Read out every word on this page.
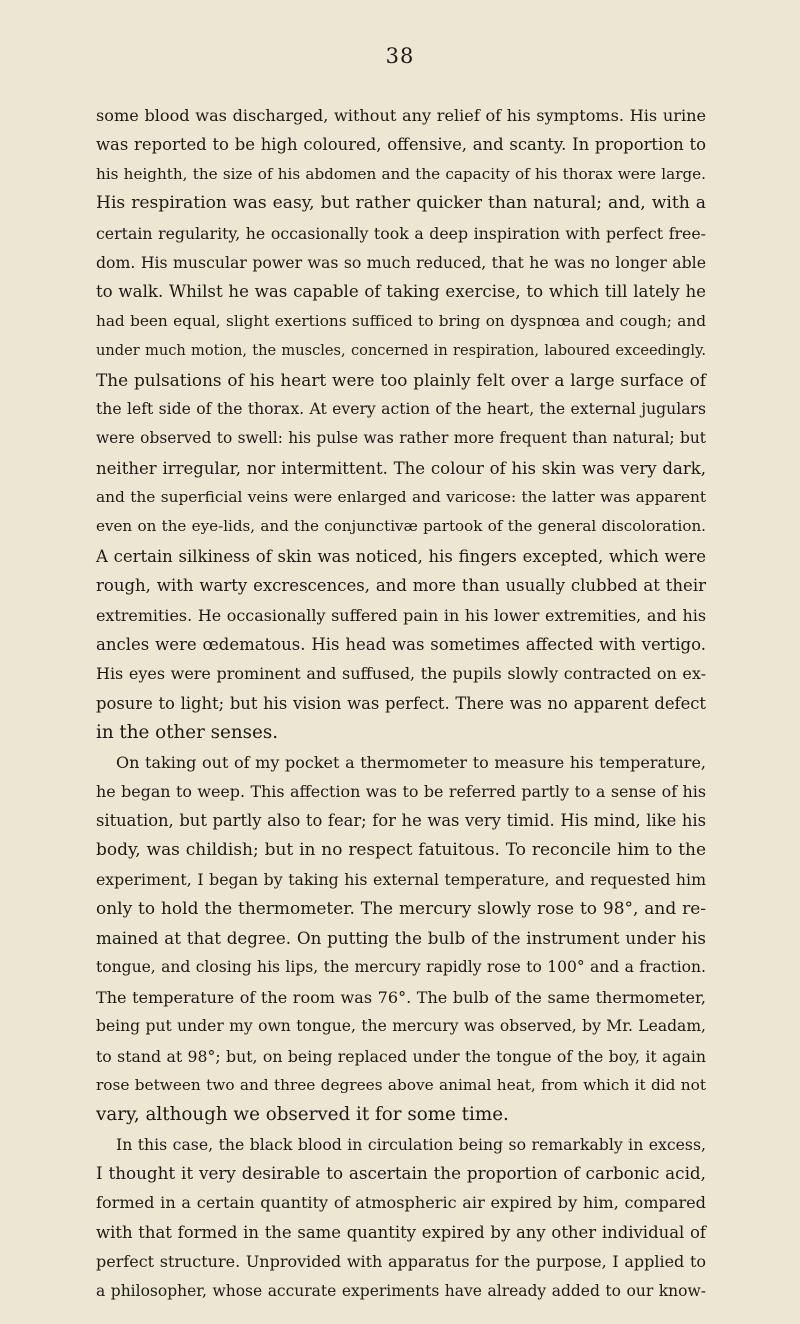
38
some blood was discharged, without any relief of his symptoms. His urine
was reported to be high coloured, offensive, and scanty. In proportion to
his heighth, the size of his abdomen and the capacity of his thorax were large.
His respiration was easy, but rather quicker than natural; and, with a
certain regularity, he occasionally took a deep inspiration with perfect free-
dom. His muscular power was so much reduced, that he was no longer able
to walk. Whilst he was capable of taking exercise, to which till lately he
had been equal, slight exertions sufficed to bring on dyspnœa and cough; and
under much motion, the muscles, concerned in respiration, laboured exceedingly.
The pulsations of his heart were too plainly felt over a large surface of
the left side of the thorax. At every action of the heart, the external jugulars
were observed to swell: his pulse was rather more frequent than natural; but
neither irregular, nor intermittent. The colour of his skin was very dark,
and the superficial veins were enlarged and varicose: the latter was apparent
even on the eye-lids, and the conjunctivæ partook of the general discoloration.
A certain silkiness of skin was noticed, his fingers excepted, which were
rough, with warty excrescences, and more than usually clubbed at their
extremities. He occasionally suffered pain in his lower extremities, and his
ancles were œdematous. His head was sometimes affected with vertigo.
His eyes were prominent and suffused, the pupils slowly contracted on ex-
posure to light; but his vision was perfect. There was no apparent defect
in the other senses.
On taking out of my pocket a thermometer to measure his temperature,
he began to weep. This affection was to be referred partly to a sense of his
situation, but partly also to fear; for he was very timid. His mind, like his
body, was childish; but in no respect fatuitous. To reconcile him to the
experiment, I began by taking his external temperature, and requested him
only to hold the thermometer. The mercury slowly rose to 98°, and re-
mained at that degree. On putting the bulb of the instrument under his
tongue, and closing his lips, the mercury rapidly rose to 100° and a fraction.
The temperature of the room was 76°. The bulb of the same thermometer,
being put under my own tongue, the mercury was observed, by Mr. Leadam,
to stand at 98°; but, on being replaced under the tongue of the boy, it again
rose between two and three degrees above animal heat, from which it did not
vary, although we observed it for some time.
In this case, the black blood in circulation being so remarkably in excess,
I thought it very desirable to ascertain the proportion of carbonic acid,
formed in a certain quantity of atmospheric air expired by him, compared
with that formed in the same quantity expired by any other individual of
perfect structure. Unprovided with apparatus for the purpose, I applied to
a philosopher, whose accurate experiments have already added to our know-
